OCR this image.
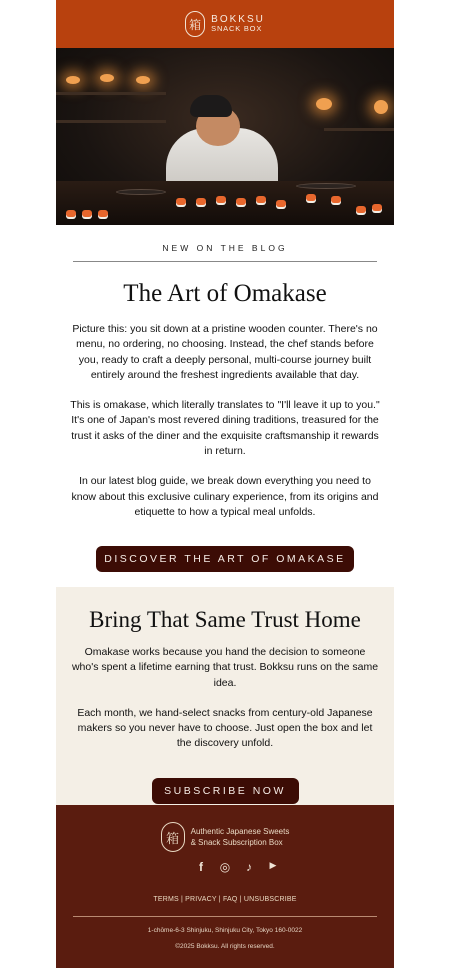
箱	BOKKSU
SNACK BOX
NEW ON THE BLOG
The Art of Omakase

Picture this: you sit down at a pristine wooden counter. There's no menu, no ordering, no choosing. Instead, the chef stands before you, ready to craft a deeply personal, multi-course journey built entirely around the freshest ingredients available that day.

This is omakase, which literally translates to "I'll leave it up to you." It's one of Japan's most revered dining traditions, treasured for the trust it asks of the diner and the exquisite craftsmanship it rewards in return.

In our latest blog guide, we break down everything you need to know about this exclusive culinary experience, from its origins and etiquette to how a typical meal unfolds.

DISCOVER THE ART OF OMAKASE
Bring That Same Trust Home

Omakase works because you hand the decision to someone who's spent a lifetime earning that trust. Bokksu runs on the same idea.

Each month, we hand-select snacks from century-old Japanese makers so you never have to choose. Just open the box and let the discovery unfold.

SUBSCRIBE NOW
箱	Authentic Japanese Sweets
& Snack Subscription Box
f	◎	♪	▶
TERMS | PRIVACY | FAQ | UNSUBSCRIBE
1-chōme-6-3 Shinjuku, Shinjuku City, Tokyo 160-0022
©2025 Bokksu. All rights reserved.
